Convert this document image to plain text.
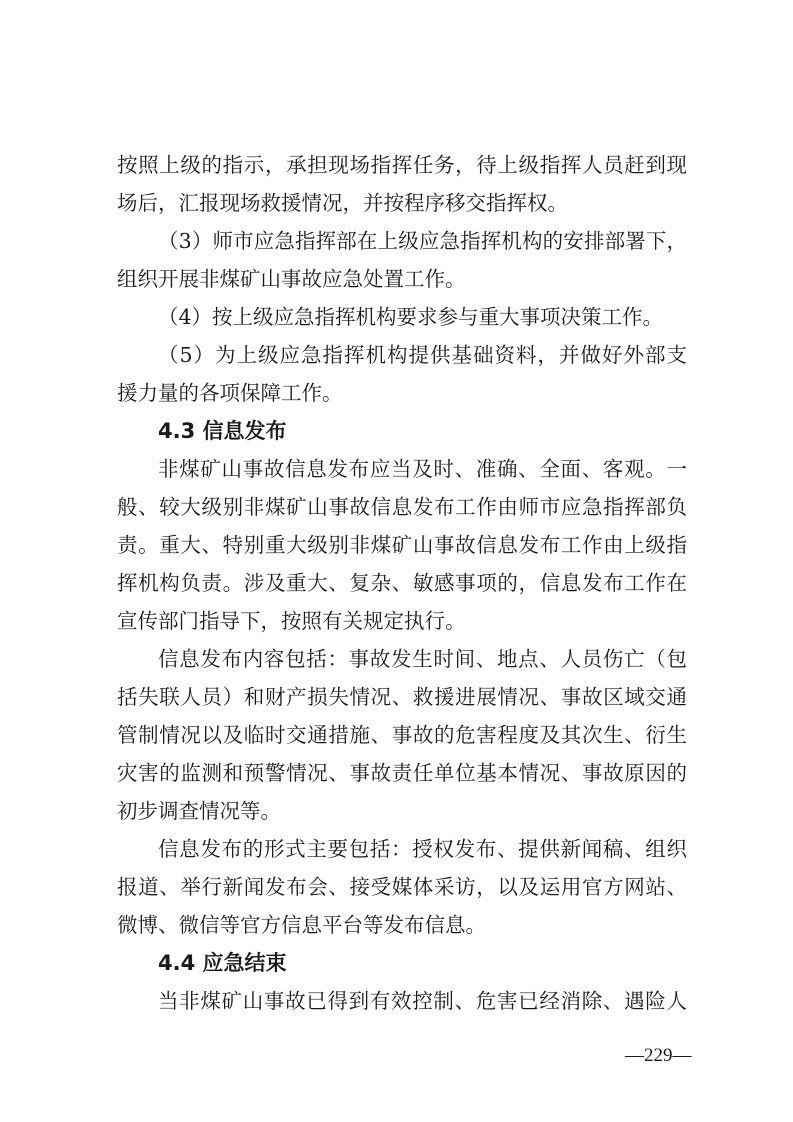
按照上级的指示，承担现场指挥任务，待上级指挥人员赶到现
场后，汇报现场救援情况，并按程序移交指挥权。
（3）师市应急指挥部在上级应急指挥机构的安排部署下，
组织开展非煤矿山事故应急处置工作。
（4）按上级应急指挥机构要求参与重大事项决策工作。
（5）为上级应急指挥机构提供基础资料，并做好外部支
援力量的各项保障工作。
4.3 信息发布
非煤矿山事故信息发布应当及时、准确、全面、客观。一
般、较大级别非煤矿山事故信息发布工作由师市应急指挥部负
责。重大、特别重大级别非煤矿山事故信息发布工作由上级指
挥机构负责。涉及重大、复杂、敏感事项的，信息发布工作在
宣传部门指导下，按照有关规定执行。
信息发布内容包括：事故发生时间、地点、人员伤亡（包
括失联人员）和财产损失情况、救援进展情况、事故区域交通
管制情况以及临时交通措施、事故的危害程度及其次生、衍生
灾害的监测和预警情况、事故责任单位基本情况、事故原因的
初步调查情况等。
信息发布的形式主要包括：授权发布、提供新闻稿、组织
报道、举行新闻发布会、接受媒体采访，以及运用官方网站、
微博、微信等官方信息平台等发布信息。
4.4 应急结束
当非煤矿山事故已得到有效控制、危害已经消除、遇险人
—229—
